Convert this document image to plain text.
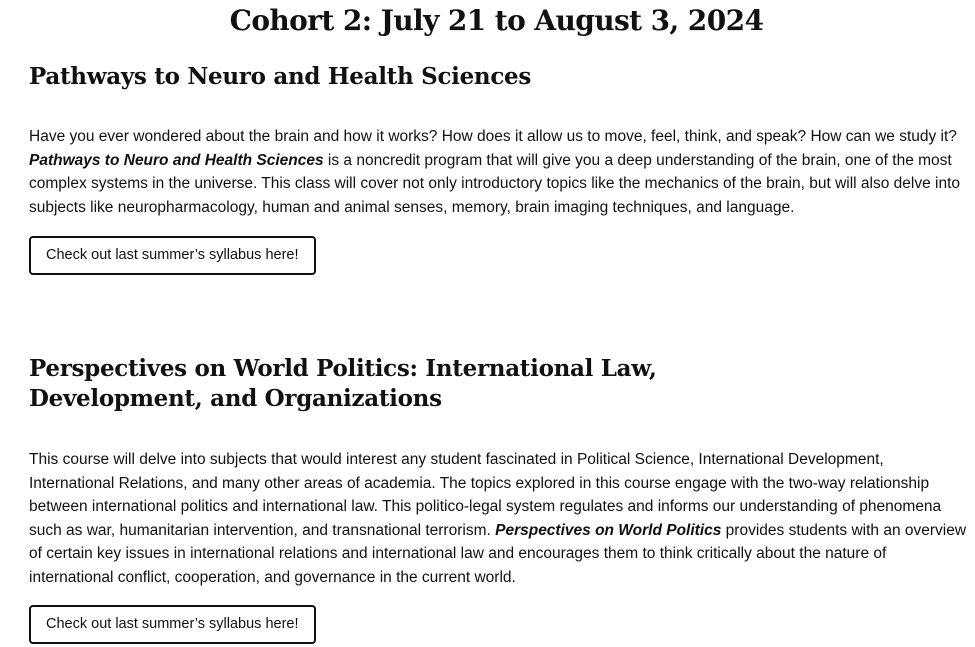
Cohort 2: July 21 to August 3, 2024
Pathways to Neuro and Health Sciences

Have you ever wondered about the brain and how it works? How does it allow us to move, feel, think, and speak? How can we study it? Pathways to Neuro and Health Sciences is a noncredit program that will give you a deep understanding of the brain, one of the most complex systems in the universe. This class will cover not only introductory topics like the mechanics of the brain, but will also delve into subjects like neuropharmacology, human and animal senses, memory, brain imaging techniques, and language.

Check out last summer’s syllabus here!
Perspectives on World Politics: International Law, Development, and Organizations

This course will delve into subjects that would interest any student fascinated in Political Science, International Development, International Relations, and many other areas of academia. The topics explored in this course engage with the two-way relationship between international politics and international law. This politico-legal system regulates and informs our understanding of phenomena such as war, humanitarian intervention, and transnational terrorism. Perspectives on World Politics provides students with an overview of certain key issues in international relations and international law and encourages them to think critically about the nature of international conflict, cooperation, and governance in the current world.

Check out last summer’s syllabus here!
